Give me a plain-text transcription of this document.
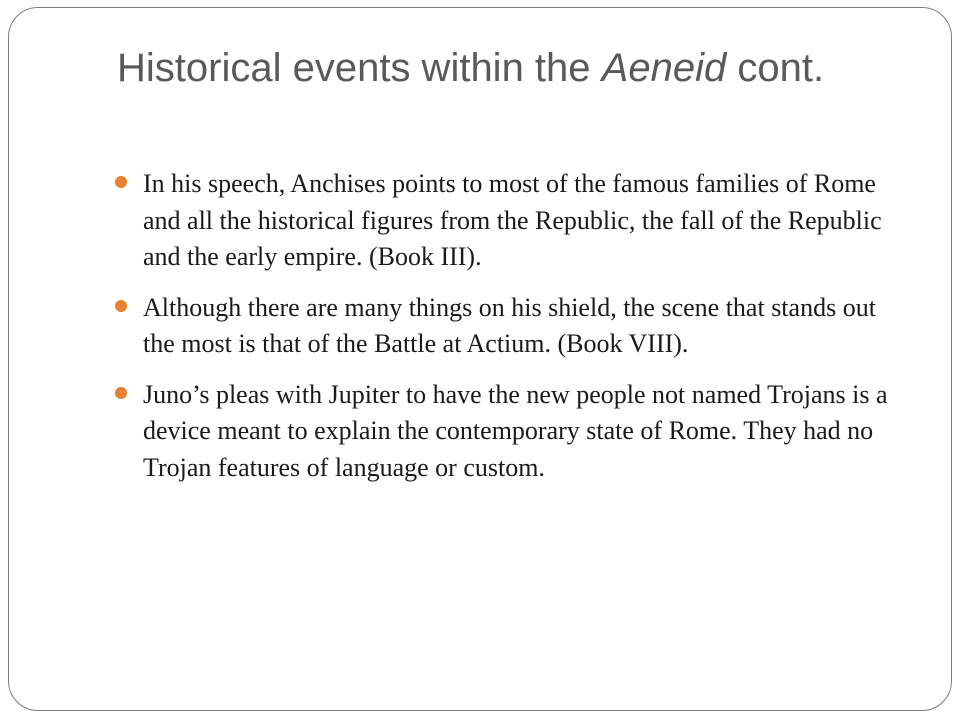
Historical events within the Aeneid cont.
In his speech, Anchises points to most of the famous families of Rome and all the historical figures from the Republic, the fall of the Republic and the early empire. (Book III).
Although there are many things on his shield, the scene that stands out the most is that of the Battle at Actium. (Book VIII).
Juno’s pleas with Jupiter to have the new people not named Trojans is a device meant to explain the contemporary state of Rome. They had no Trojan features of language or custom.
